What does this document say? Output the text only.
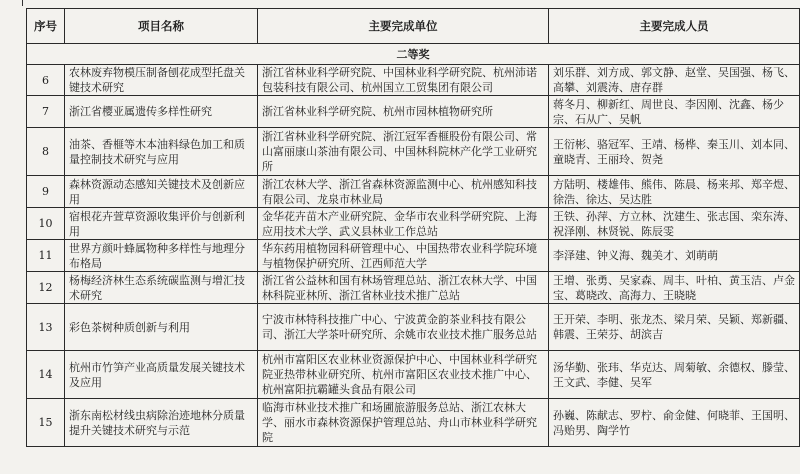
序号	项目名称	主要完成单位	主要完成人员
二等奖			
6	农林废弃物模压制备刨花成型托盘关键技术研究	浙江省林业科学研究院、中国林业科学研究院、杭州沛诺包装科技有限公司、杭州国立工贸集团有限公司	刘乐群、刘方成、郭文静、赵堂、吴国强、杨飞、高攀、刘震涛、唐存群
7	浙江省樱亚属遗传多样性研究	浙江省林业科学研究院、杭州市园林植物研究所	蒋冬月、柳新红、周世良、李因刚、沈鑫、杨少宗、石从广、吴帆
8	油茶、香榧等木本油料绿色加工和质量控制技术研究与应用	浙江省林业科学研究院、浙江冠军香榧股份有限公司、常山富丽康山茶油有限公司、中国林科院林产化学工业研究所	王衍彬、骆冠军、王靖、杨桦、秦玉川、刘本同、童晓青、王丽玲、贺尧
9	森林资源动态感知关键技术及创新应用	浙江农林大学、浙江省森林资源监测中心、杭州感知科技有限公司、龙泉市林业局	方陆明、楼雄伟、熊伟、陈晨、杨来邦、郑辛煜、徐浩、徐达、吴达胜
10	宿根花卉萱草资源收集评价与创新利用	金华花卉苗木产业研究院、金华市农业科学研究院、上海应用技术大学、武义县林业工作总站	王铁、孙萍、方立林、沈建生、张志国、栾东涛、祝泽刚、林贤锐、陈辰雯
11	世界方颜叶蜂属物种多样性与地理分布格局	华东药用植物园科研管理中心、中国热带农业科学院环境与植物保护研究所、江西师范大学	李泽建、钟义海、魏美才、刘萌萌
12	杨梅经济林生态系统碳监测与增汇技术研究	浙江省公益林和国有林场管理总站、浙江农林大学、中国林科院亚林所、浙江省林业技术推广总站	王增、张勇、吴家森、周丰、叶柏、黄玉洁、卢金宝、葛晓改、高海力、王晓晓
13	彩色茶树种质创新与利用	宁波市林特科技推广中心、宁波黄金韵茶业科技有限公司、浙江大学茶叶研究所、余姚市农业技术推广服务总站	王开荣、李明、张龙杰、梁月荣、吴颖、郑新疆、韩震、王荣芬、胡滨吉
14	杭州市竹笋产业高质量发展关键技术及应用	杭州市富阳区农业林业资源保护中心、中国林业科学研究院亚热带林业研究所、杭州市富阳区农业技术推广中心、杭州富阳抗霸罐头食品有限公司	汤华勤、张玮、华克达、周菊敏、余德权、滕莹、王文武、李健、吴军
15	浙东南松材线虫病除治迹地林分质量提升关键技术研究与示范	临海市林业技术推广和场圃旅游服务总站、浙江农林大学、丽水市森林资源保护管理总站、舟山市林业科学研究院	孙巍、陈献志、罗柠、俞金健、何晓菲、王国明、冯贻男、陶学竹
